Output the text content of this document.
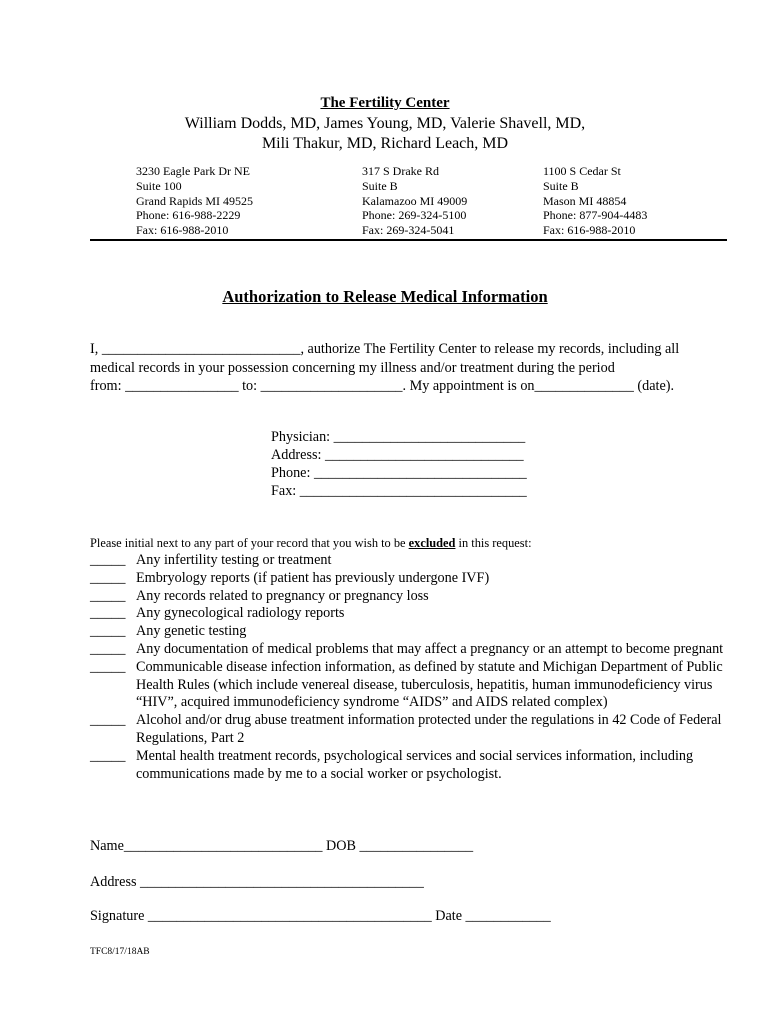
The Fertility Center
William Dodds, MD, James Young, MD, Valerie Shavell, MD,
Mili Thakur, MD, Richard Leach, MD
3230 Eagle Park Dr NE
Suite 100
Grand Rapids MI 49525
Phone: 616-988-2229
Fax: 616-988-2010
317 S Drake Rd
Suite B
Kalamazoo MI 49009
Phone: 269-324-5100
Fax: 269-324-5041
1100 S Cedar St
Suite B
Mason MI 48854
Phone: 877-904-4483
Fax: 616-988-2010
Authorization to Release Medical Information
I, ____________________________, authorize The Fertility Center to release my records, including all
medical records in your possession concerning my illness and/or treatment during the period
from: ________________ to: ____________________. My appointment is on______________ (date).
Physician: ___________________________
Address: ____________________________
Phone: ______________________________
Fax: ________________________________
Please initial next to any part of your record that you wish to be excluded in this request:
_____ Any infertility testing or treatment
_____ Embryology reports (if patient has previously undergone IVF)
_____ Any records related to pregnancy or pregnancy loss
_____ Any gynecological radiology reports
_____ Any genetic testing
_____ Any documentation of medical problems that may affect a pregnancy or an attempt to become pregnant
_____ Communicable disease infection information, as defined by statute and Michigan Department of Public Health Rules (which include venereal disease, tuberculosis, hepatitis, human immunodeficiency virus “HIV”, acquired immunodeficiency syndrome “AIDS” and AIDS related complex)
_____ Alcohol and/or drug abuse treatment information protected under the regulations in 42 Code of Federal Regulations, Part 2
_____ Mental health treatment records, psychological services and social services information, including communications made by me to a social worker or psychologist.
Name____________________________ DOB ________________
Address ________________________________________
Signature ________________________________________ Date ____________
TFC8/17/18AB
